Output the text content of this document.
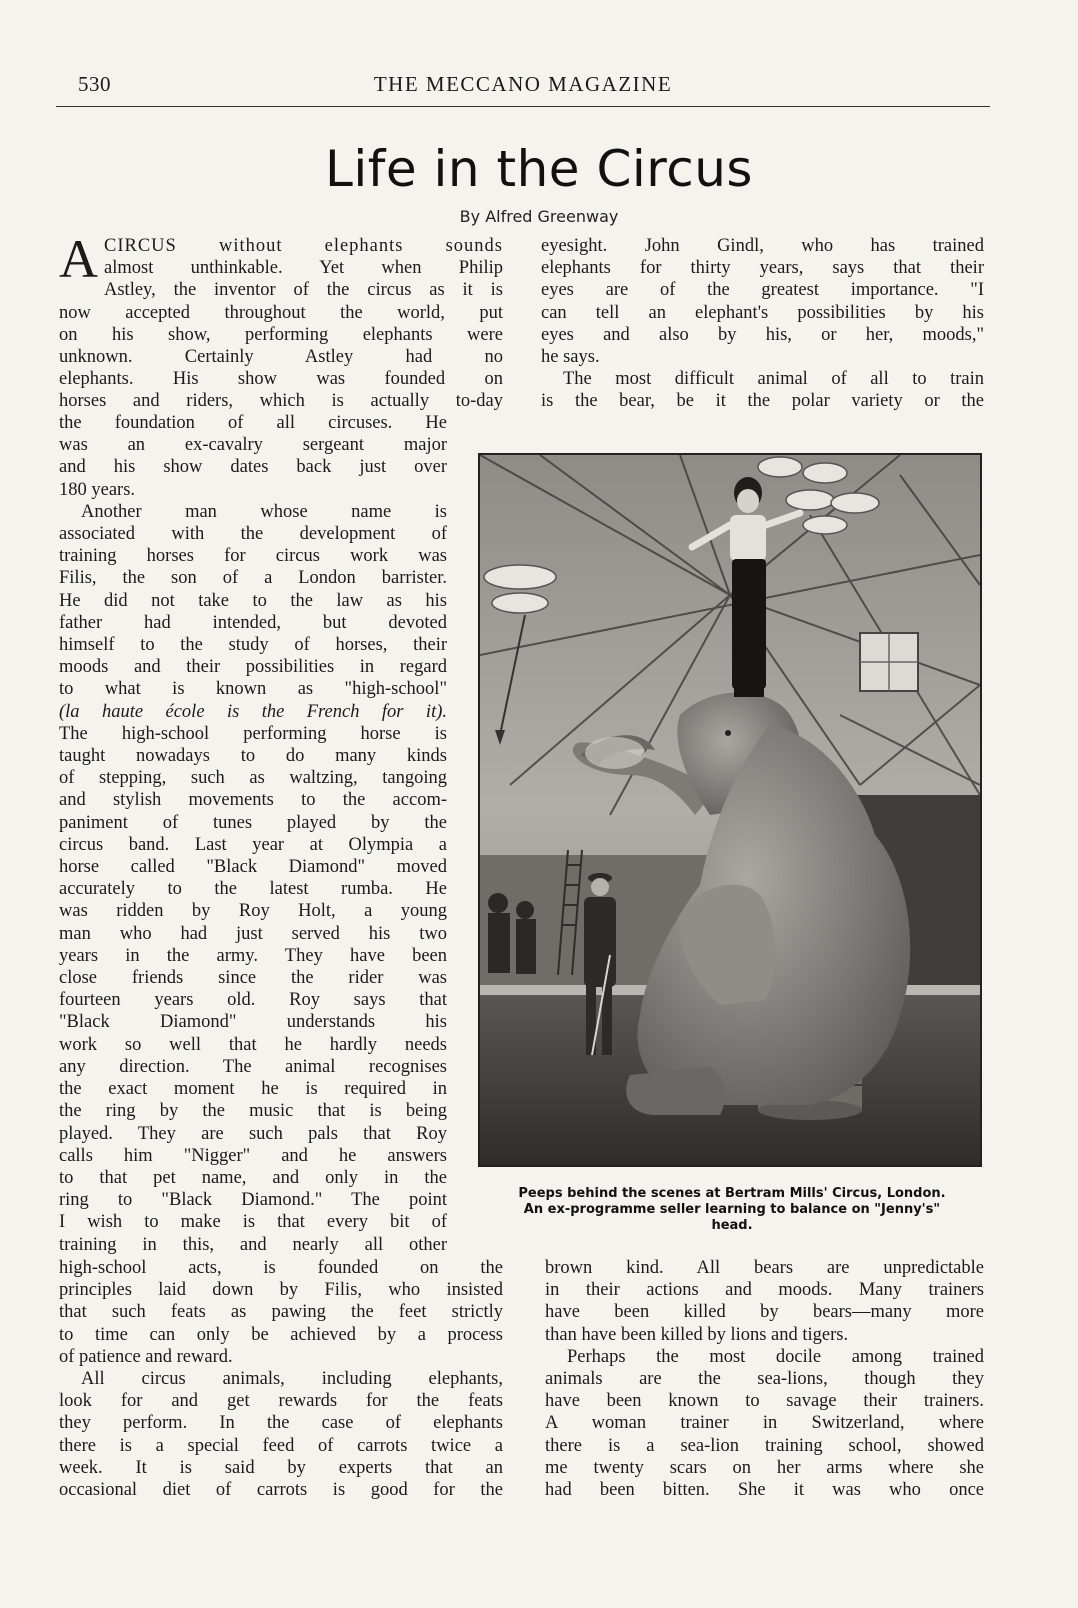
530	THE MECCANO MAGAZINE
Life in the Circus
By Alfred Greenway
A CIRCUS without elephants sounds

almost unthinkable. Yet when Philip

Astley, the inventor of the circus as it is

now accepted throughout the world, put

on his show, performing elephants were

unknown. Certainly Astley had no

elephants. His show was founded on

horses and riders, which is actually to-day

the foundation of all circuses. He

was an ex-cavalry sergeant major

and his show dates back just over

180 years.

Another man whose name is

associated with the development of

training horses for circus work was

Filis, the son of a London barrister.

He did not take to the law as his

father had intended, but devoted

himself to the study of horses, their

moods and their possibilities in regard

to what is known as "high-school"

(la haute école is the French for it).

The high-school performing horse is

taught nowadays to do many kinds

of stepping, such as waltzing, tangoing

and stylish movements to the accom-

paniment of tunes played by the

circus band. Last year at Olympia a

horse called "Black Diamond" moved

accurately to the latest rumba. He

was ridden by Roy Holt, a young

man who had just served his two

years in the army. They have been

close friends since the rider was

fourteen years old. Roy says that

"Black Diamond" understands his

work so well that he hardly needs

any direction. The animal recognises

the exact moment he is required in

the ring by the music that is being

played. They are such pals that Roy

calls him "Nigger" and he answers

to that pet name, and only in the

ring to "Black Diamond." The point

I wish to make is that every bit of

training in this, and nearly all other

high-school acts, is founded on the

principles laid down by Filis, who insisted

that such feats as pawing the feet strictly

to time can only be achieved by a process

of patience and reward.

All circus animals, including elephants,

look for and get rewards for the feats

they perform. In the case of elephants

there is a special feed of carrots twice a

week. It is said by experts that an

occasional diet of carrots is good for the

eyesight. John Gindl, who has trained

elephants for thirty years, says that their

eyes are of the greatest importance. "I

can tell an elephant's possibilities by his

eyes and also by his, or her, moods,"

he says.

The most difficult animal of all to train

is the bear, be it the polar variety or the

Peeps behind the scenes at Bertram Mills' Circus, London.
An ex-programme seller learning to balance on "Jenny's"
head.

brown kind. All bears are unpredictable

in their actions and moods. Many trainers

have been killed by bears—many more

than have been killed by lions and tigers.

Perhaps the most docile among trained

animals are the sea-lions, though they

have been known to savage their trainers.

A woman trainer in Switzerland, where

there is a sea-lion training school, showed

me twenty scars on her arms where she

had been bitten. She it was who once
